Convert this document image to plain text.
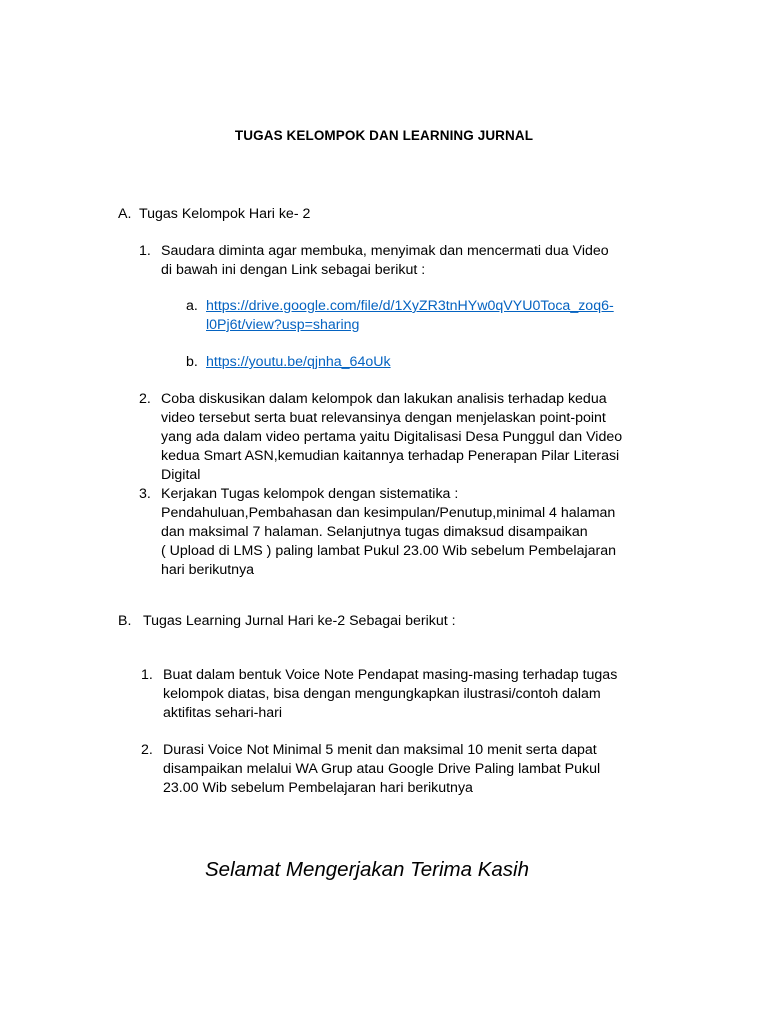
TUGAS KELOMPOK DAN LEARNING JURNAL

A. Tugas Kelompok Hari ke- 2

1. Saudara diminta agar membuka, menyimak dan mencermati dua Video

di bawah ini dengan Link sebagai berikut :

a. https://drive.google.com/file/d/1XyZR3tnHYw0qVYU0Toca_zoq6-
l0Pj6t/view?usp=sharing
b. https://youtu.be/qjnha_64oUk
2. Coba diskusikan dalam kelompok dan lakukan analisis terhadap kedua

video tersebut serta buat relevansinya dengan menjelaskan point-point

yang ada dalam video pertama yaitu Digitalisasi Desa Punggul dan Video

kedua Smart ASN,kemudian kaitannya terhadap Penerapan Pilar Literasi

Digital

3. Kerjakan Tugas kelompok dengan sistematika :

Pendahuluan,Pembahasan dan kesimpulan/Penutup,minimal 4 halaman

dan maksimal 7 halaman. Selanjutnya tugas dimaksud disampaikan

( Upload di LMS ) paling lambat Pukul 23.00 Wib sebelum Pembelajaran

hari berikutnya

B. Tugas Learning Jurnal Hari ke-2 Sebagai berikut :

1. Buat dalam bentuk Voice Note Pendapat masing-masing terhadap tugas

kelompok diatas, bisa dengan mengungkapkan ilustrasi/contoh dalam

aktifitas sehari-hari

2. Durasi Voice Not Minimal 5 menit dan maksimal 10 menit serta dapat

disampaikan melalui WA Grup atau Google Drive Paling lambat Pukul

23.00 Wib sebelum Pembelajaran hari berikutnya

Selamat Mengerjakan Terima Kasih
